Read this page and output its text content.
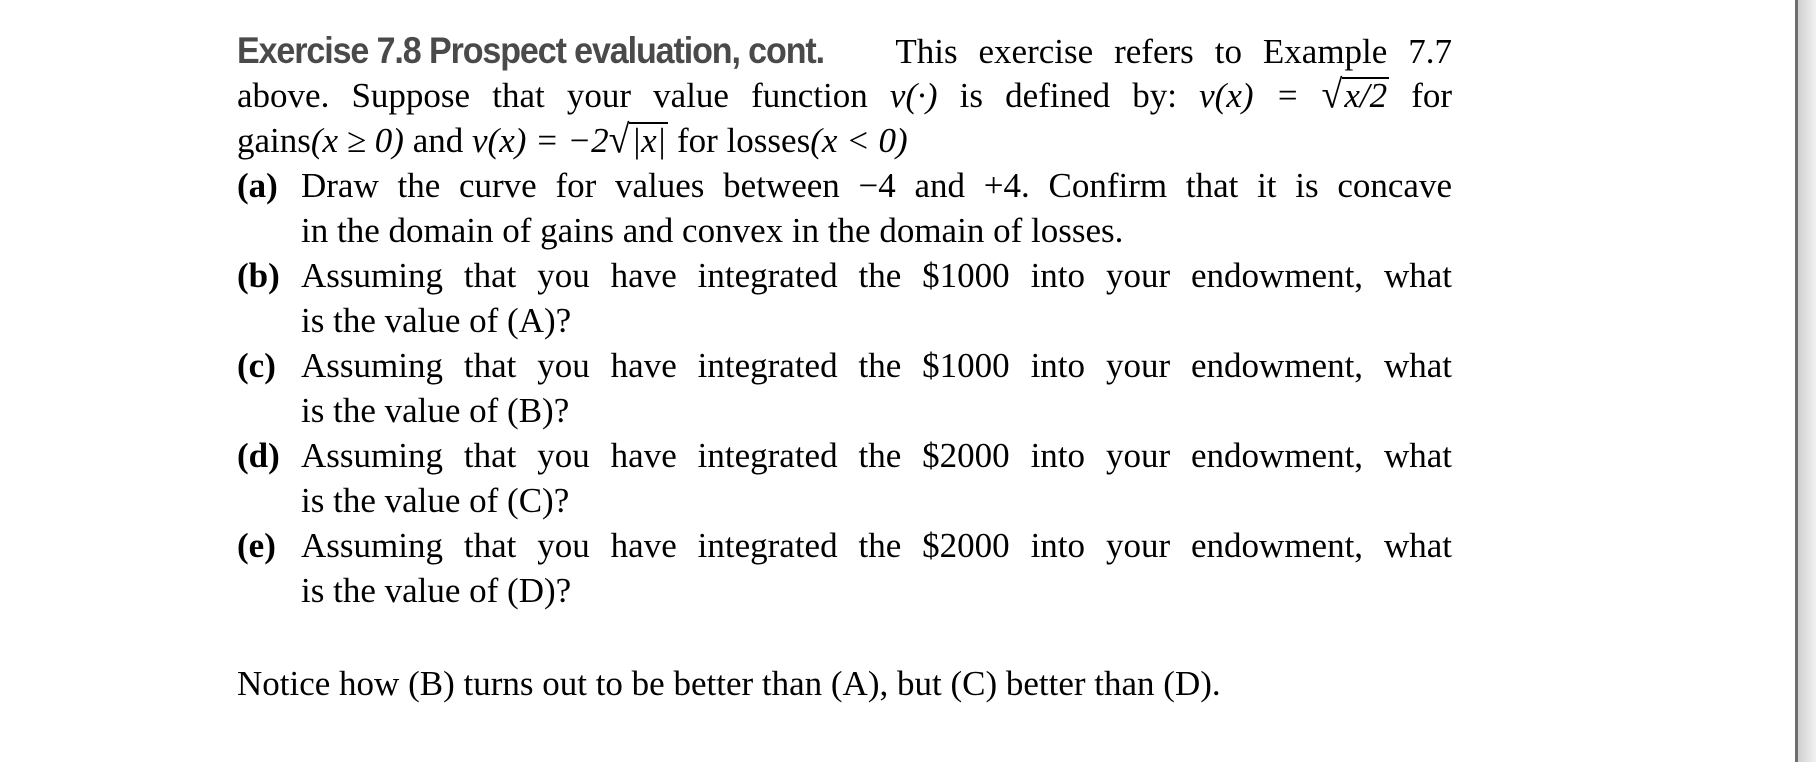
Exercise 7.8 Prospect evaluation, cont. This exercise refers to Example 7.7
above. Suppose that your value function v(·) is defined by: v(x) = √x/2 for
gains(x ≥ 0) and v(x) = −2√|x| for losses(x < 0)
(a) Draw the curve for values between −4 and +4. Confirm that it is concave
in the domain of gains and convex in the domain of losses.
(b) Assuming that you have integrated the $1000 into your endowment, what
is the value of (A)?
(c) Assuming that you have integrated the $1000 into your endowment, what
is the value of (B)?
(d) Assuming that you have integrated the $2000 into your endowment, what
is the value of (C)?
(e) Assuming that you have integrated the $2000 into your endowment, what
is the value of (D)?
Notice how (B) turns out to be better than (A), but (C) better than (D).
